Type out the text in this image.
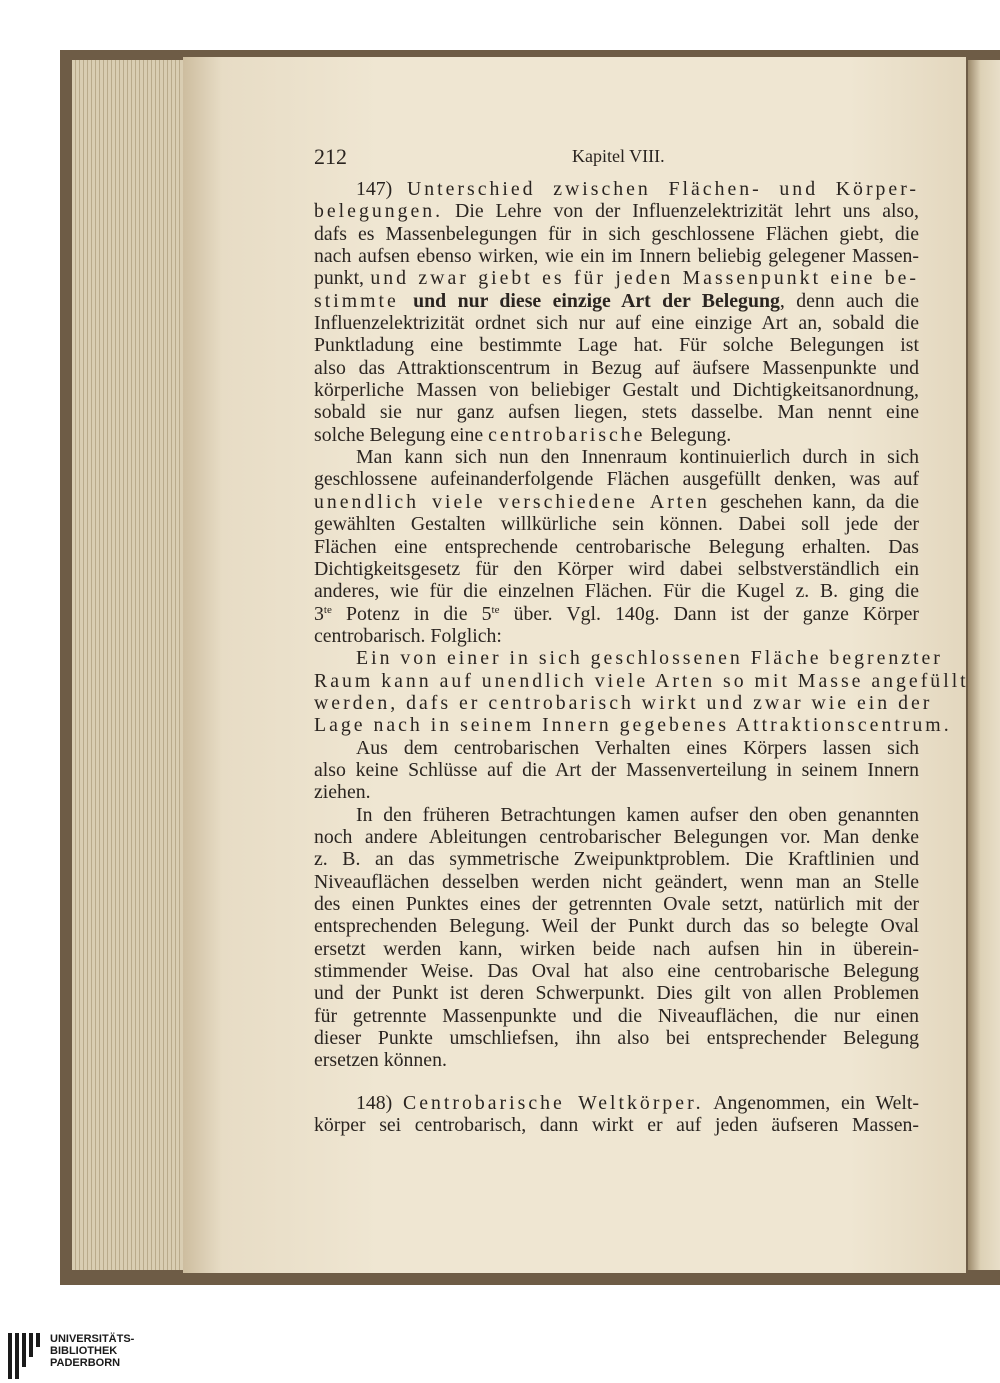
212	Kapitel VIII.
147) Unterschied zwischen Flächen- und Körper-
belegungen. Die Lehre von der Influenzelektrizität lehrt uns also,
dafs es Massenbelegungen für in sich geschlossene Flächen giebt, die
nach aufsen ebenso wirken, wie ein im Innern beliebig gelegener Massen-
punkt, und zwar giebt es für jeden Massenpunkt eine be-
stimmte und nur diese einzige Art der Belegung, denn auch die
Influenzelektrizität ordnet sich nur auf eine einzige Art an, sobald die
Punktladung eine bestimmte Lage hat. Für solche Belegungen ist
also das Attraktionscentrum in Bezug auf äufsere Massenpunkte und
körperliche Massen von beliebiger Gestalt und Dichtigkeitsanordnung,
sobald sie nur ganz aufsen liegen, stets dasselbe. Man nennt eine
solche Belegung eine centrobarische Belegung.
Man kann sich nun den Innenraum kontinuierlich durch in sich
geschlossene aufeinanderfolgende Flächen ausgefüllt denken, was auf
unendlich viele verschiedene Arten geschehen kann, da die
gewählten Gestalten willkürliche sein können. Dabei soll jede der
Flächen eine entsprechende centrobarische Belegung erhalten. Das
Dichtigkeitsgesetz für den Körper wird dabei selbstverständlich ein
anderes, wie für die einzelnen Flächen. Für die Kugel z. B. ging die
$3^{te}$ Potenz in die $5^{te}$ über. Vgl. 140g. Dann ist der ganze Körper
centrobarisch. Folglich:
Ein von einer in sich geschlossenen Fläche begrenzter
Raum kann auf unendlich viele Arten so mit Masse angefüllt
werden, dafs er centrobarisch wirkt und zwar wie ein der
Lage nach in seinem Innern gegebenes Attraktionscentrum.
Aus dem centrobarischen Verhalten eines Körpers lassen sich
also keine Schlüsse auf die Art der Massenverteilung in seinem Innern
ziehen.
In den früheren Betrachtungen kamen aufser den oben genannten
noch andere Ableitungen centrobarischer Belegungen vor. Man denke
z. B. an das symmetrische Zweipunktproblem. Die Kraftlinien und
Niveauflächen desselben werden nicht geändert, wenn man an Stelle
des einen Punktes eines der getrennten Ovale setzt, natürlich mit der
entsprechenden Belegung. Weil der Punkt durch das so belegte Oval
ersetzt werden kann, wirken beide nach aufsen hin in überein-
stimmender Weise. Das Oval hat also eine centrobarische Belegung
und der Punkt ist deren Schwerpunkt. Dies gilt von allen Problemen
für getrennte Massenpunkte und die Niveauflächen, die nur einen
dieser Punkte umschliefsen, ihn also bei entsprechender Belegung
ersetzen können.
148) Centrobarische Weltkörper. Angenommen, ein Welt-
körper sei centrobarisch, dann wirkt er auf jeden äufseren Massen-
UNIVERSITÄTS-
BIBLIOTHEK
PADERBORN
